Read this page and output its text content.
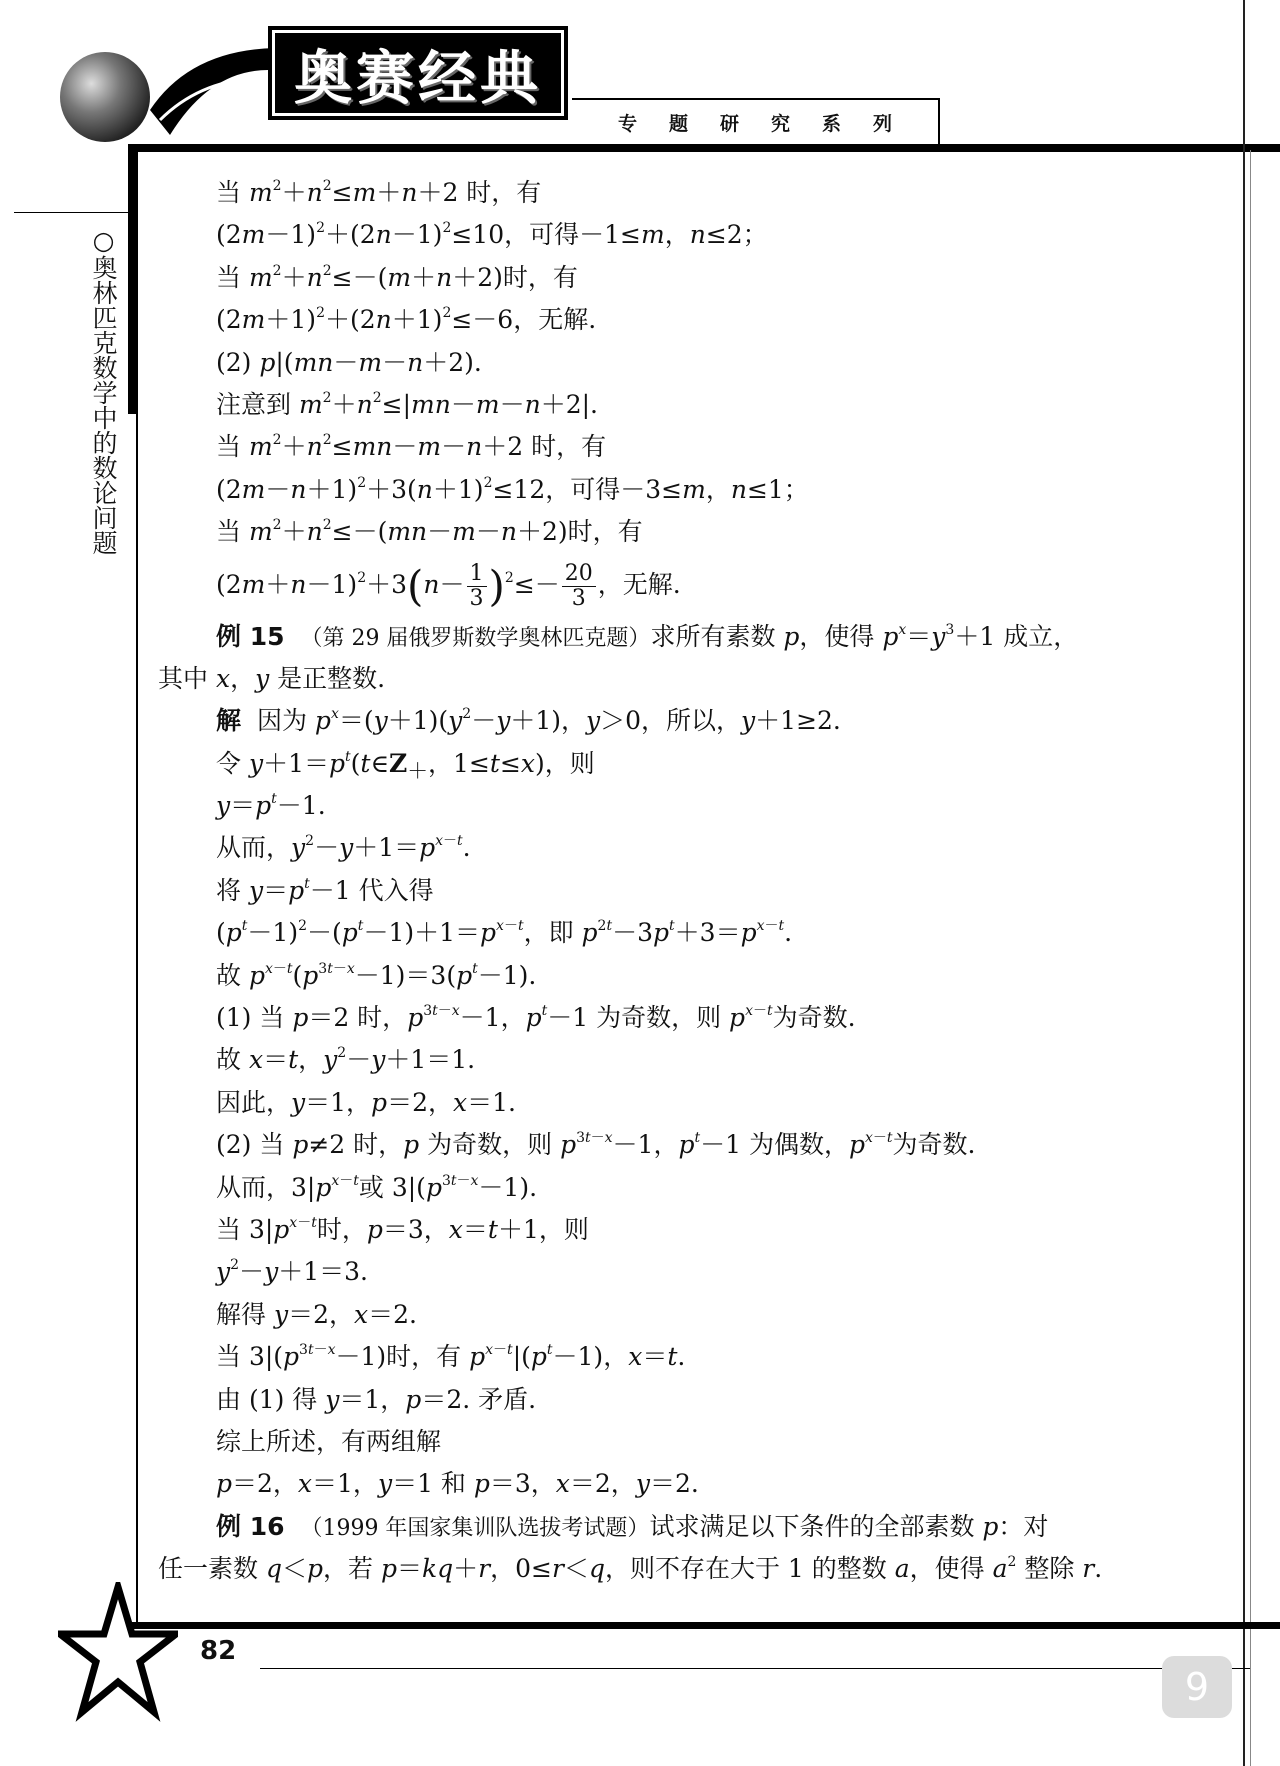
奥赛经典
专 题 研 究 系 列
○奥林匹克数学中的数论问题
当 $m^2+n^2\le m+n+2$ 时，有
$(2m-1)^2+(2n-1)^2\le 10$，可得－1≤m，n≤2；
当 $m^2+n^2\le-(m+n+2)$时，有
$(2m+1)^2+(2n+1)^2\le-6$，无解.
(2) p|(mn－m－n＋2).
注意到 $m^2+n^2\le|mn-m-n+2|$.
当 $m^2+n^2\le mn-m-n+2$ 时，有
$(2m-n+1)^2+3(n+1)^2\le 12$，可得－3≤m，n≤1；
当 $m^2+n^2\le-(mn-m-n+2)$时，有
$(2m+n-1)^2+3(n- \frac{1}{3} )^2\le- \frac{20}{3}$ ，无解.
例 15 （第 29 届俄罗斯数学奥林匹克题）求所有素数 p，使得 $p^x=y^3+1$ 成立，
其中 x，y 是正整数.
解 因为 $p^x=(y+1)(y^2-y+1)$，y＞0，所以，y＋1≥2.
令 $y+1=p^t(t\in Z_+$，1≤t≤x)，则
$y=p^t-1$.
从而，$y^2-y+1=p^{x-t}$.
将 $y=p^t-1$ 代入得
$(p^t-1)^2-(p^t-1)+1=p^{x-t}$，即 $p^{2t}-3p^t+3=p^{x-t}$.
故 $p^{x-t}(p^{3t-x}-1)=3(p^t-1)$.
(1) 当 p＝2 时，$p^{3t-x}-1$，$p^t-1$ 为奇数，则 $p^{x-t}$为奇数.
故 x＝t，$y^2-y+1=1$.
因此，y＝1，p＝2，x＝1.
(2) 当 p≠2 时，p 为奇数，则 $p^{3t-x}-1$，$p^t-1$ 为偶数，$p^{x-t}$为奇数.
从而，$3|p^{x-t}$或 $3|(p^{3t-x}-1)$.
当 $3|p^{x-t}$时，p＝3，x＝t＋1，则
$y^2-y+1=3$.
解得 y＝2，x＝2.
当 $3|(p^{3t-x}-1)$时，有 $p^{x-t}|(p^t-1)$，x＝t.
由 (1) 得 y＝1，p＝2. 矛盾.
综上所述，有两组解
p＝2，x＝1，y＝1 和 p＝3，x＝2，y＝2.
例 16 （1999 年国家集训队选拔考试题）试求满足以下条件的全部素数 p：对
任一素数 q＜p，若 p＝kq＋r，0≤r＜q，则不存在大于 1 的整数 a，使得 $a^2$ 整除 r.
82
9
